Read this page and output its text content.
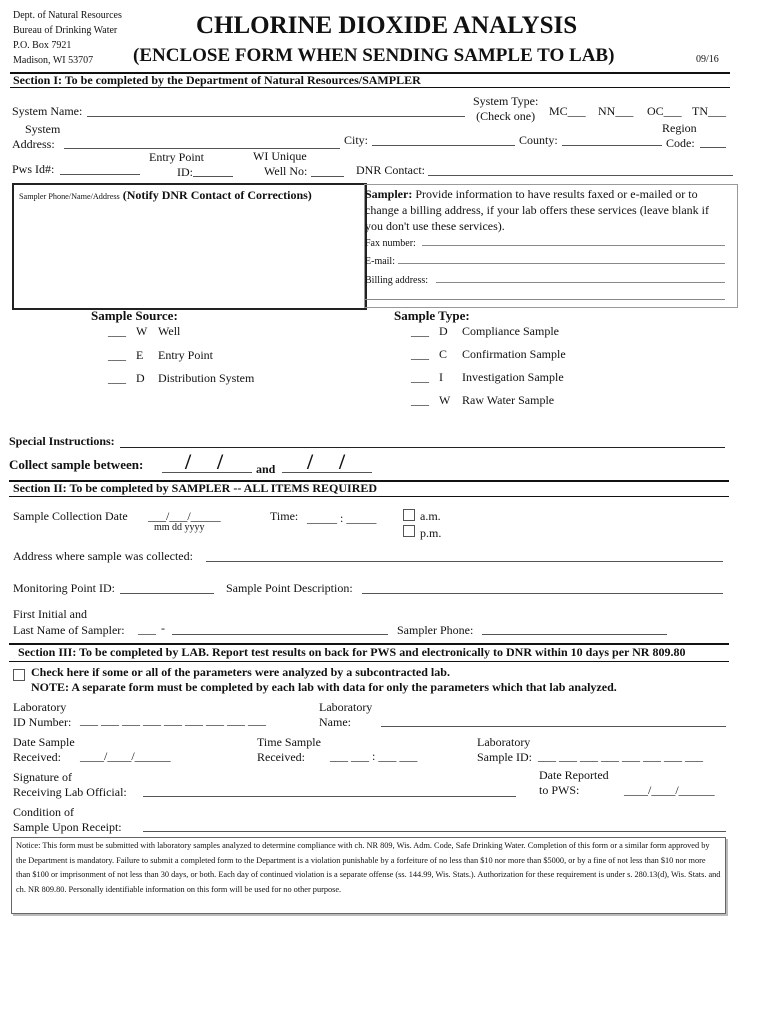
Dept. of Natural Resources
Bureau of Drinking Water
P.O. Box 7921
Madison, WI 53707
CHLORINE DIOXIDE ANALYSIS
(ENCLOSE FORM WHEN SENDING SAMPLE TO LAB)	09/16
Section I: To be completed by the Department of Natural Resources/SAMPLER
System Name:
System Type:
(Check one) MC___ NN___ OC___ TN___
System
Address:	City:	County:
Region
Code:
Pws Id#:
Entry Point
ID:
WI Unique
Well No:	DNR Contact:
Sampler Phone/Name/Address (Notify DNR Contact of Corrections)	Sampler: Provide information to have results faxed or e-mailed or to
change a billing address, if your lab offers these services (leave blank if
you don't use these services).
Fax number:
E-mail:
Billing address:
Sample Source:
___ W Well
___ E Entry Point
___ D Distribution System
Sample Type:
___ D Compliance Sample
___ C Confirmation Sample
___ I Investigation Sample
___ W Raw Water Sample
Special Instructions:
Collect sample between: / /	and / /
Section II: To be completed by SAMPLER -- ALL ITEMS REQUIRED
Sample Collection Date ___/___/_____
mm dd yyyy
Time: _____ : _____	a.m.
p.m.
Address where sample was collected:
Monitoring Point ID:	Sample Point Description:
First Initial and
Last Name of Sampler: ___ -	Sampler Phone:
Section III: To be completed by LAB. Report test results on back for PWS and electronically to DNR within 10 days per NR 809.80
Check here if some or all of the parameters were analyzed by a subcontracted lab.
NOTE: A separate form must be completed by each lab with data for only the parameters which that lab analyzed.
Laboratory
ID Number: ___ ___ ___ ___ ___ ___ ___ ___ ___
Laboratory
Name:
Date Sample
Received: ____/____/______
Time Sample
Received: ___ ___ : ___ ___
Laboratory
Sample ID: ___ ___ ___ ___ ___ ___ ___ ___
Signature of
Receiving Lab Official:
Date Reported
to PWS:	____/____/______
Condition of
Sample Upon Receipt:
Notice: This form must be submitted with laboratory samples analyzed to determine compliance with ch. NR 809, Wis. Adm. Code, Safe Drinking Water. Completion of this form or a similar form approved by the Department is mandatory. Failure to submit a completed form to the Department is a violation punishable by a forfeiture of no less than $10 nor more than $5000, or by a fine of not less than $10 nor more than $100 or imprisonment of not less than 30 days, or both. Each day of continued violation is a separate offense (ss. 144.99, Wis. Stats.). Authorization for these requirement is under s. 280.13(d), Wis. Stats. and ch. NR 809.80. Personally identifiable information on this form will be used for no other purpose.
